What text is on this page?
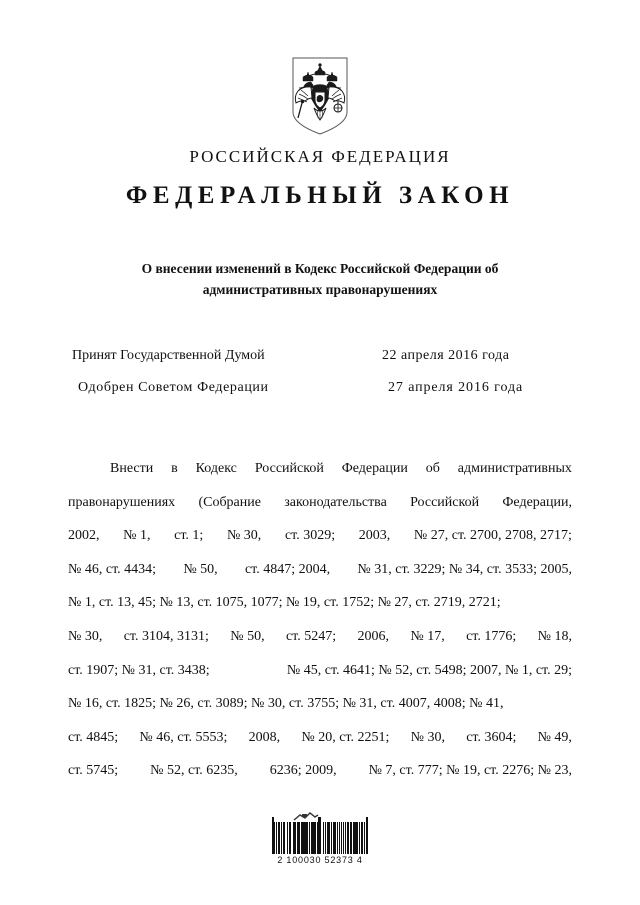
РОССИЙСКАЯ ФЕДЕРАЦИЯ
ФЕДЕРАЛЬНЫЙ ЗАКОН
О внесении изменений в Кодекс Российской Федерации об
административных правонарушениях
Принят Государственной Думой	22 апреля 2016 года
Одобрен Советом Федерации	27 апреля 2016 года
Внести в Кодекс Российской Федерации об административных
правонарушениях (Собрание законодательства Российской Федерации,
2002, № 1, ст. 1; № 30, ст. 3029; 2003, № 27, ст. 2700, 2708, 2717;
№ 46, ст. 4434; № 50, ст. 4847; 2004, № 31, ст. 3229; № 34, ст. 3533; 2005,
№ 1, ст. 13, 45; № 13, ст. 1075, 1077; № 19, ст. 1752; № 27, ст. 2719, 2721;
№ 30, ст. 3104, 3131; № 50, ст. 5247; 2006, № 17, ст. 1776; № 18,
ст. 1907; № 31, ст. 3438;	№ 45, ст. 4641; № 52, ст. 5498; 2007, № 1, ст. 29;
№ 16, ст. 1825; № 26, ст. 3089; № 30, ст. 3755; № 31, ст. 4007, 4008; № 41,
ст. 4845; № 46, ст. 5553; 2008, № 20, ст. 2251; № 30, ст. 3604; № 49,
ст. 5745; № 52, ст. 6235, 6236; 2009, № 7, ст. 777; № 19, ст. 2276; № 23,
2 100030 52373 4
